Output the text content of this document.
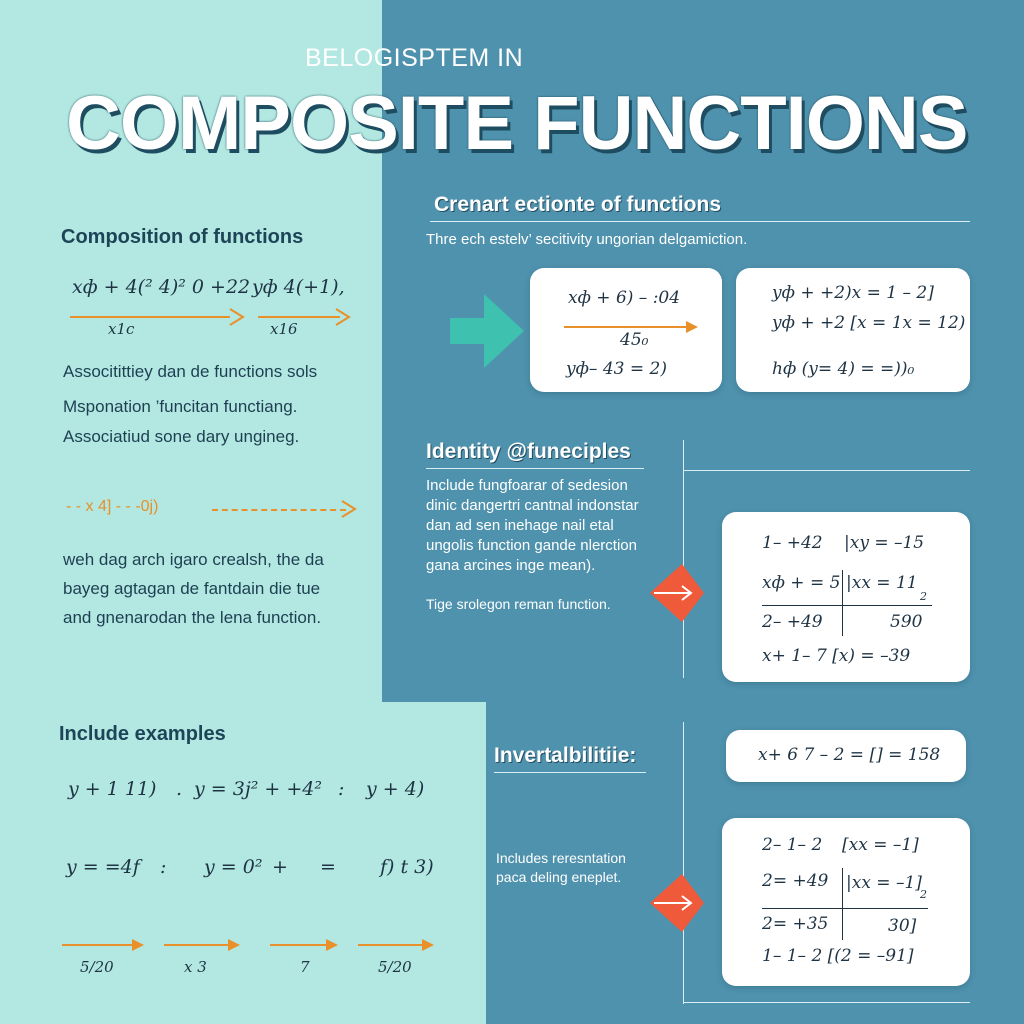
BELOGISPTEM IN
COMPOSITE FUNCTIONS
Composition of functions
xф + 4(² 4)² 0 +22 yф 4(+1),
x1с	x16
Associtittiey dan de functions sols
Msponation ’funcitan functiang.
Associatiud sone dary ungineg.
- - x 4] - - -0j)
weh dag arch igaro crealsh, the da
bayeg agtagan de fantdain die tue
and gnenarodan the lena function.
Crenart ectionte of functions
Thre ech estelv’ secitivity ungorian delgamiction.
xф + 6) – :04
45₀
yф– 43 = 2)
yф + +2)x = 1 – 2]
yф + +2 [x = 1x = 12)
hф (y= 4) = =))₀
Identity @funeciples
Include fungfoarar of sedesion
dinic dangertri cantnal indonstar
dan ad sen inehage nail etal
ungolis function gande nlerction
gana arcines inge mean).
Tige srolegon reman function.
1– +42 |xy = –15
xф + = 5 |xx = 11
2
2– +49	590
x+ 1– 7 [x) = –39
Include examples
y + 1 11) . y = 3j² + +4² : y + 4)
y = =4f : y = 0² + = f) t 3)
5/20	x 3	7	5/20
Invertalbilitiie:	x+ 6 7 – 2 = [] = 158
Includes reresntation
paca deling eneplet.
2– 1– 2 [xx = –1]
2= +49 |xx = –1]
2
2= +35	30]
1– 1– 2 [(2 = –91]
